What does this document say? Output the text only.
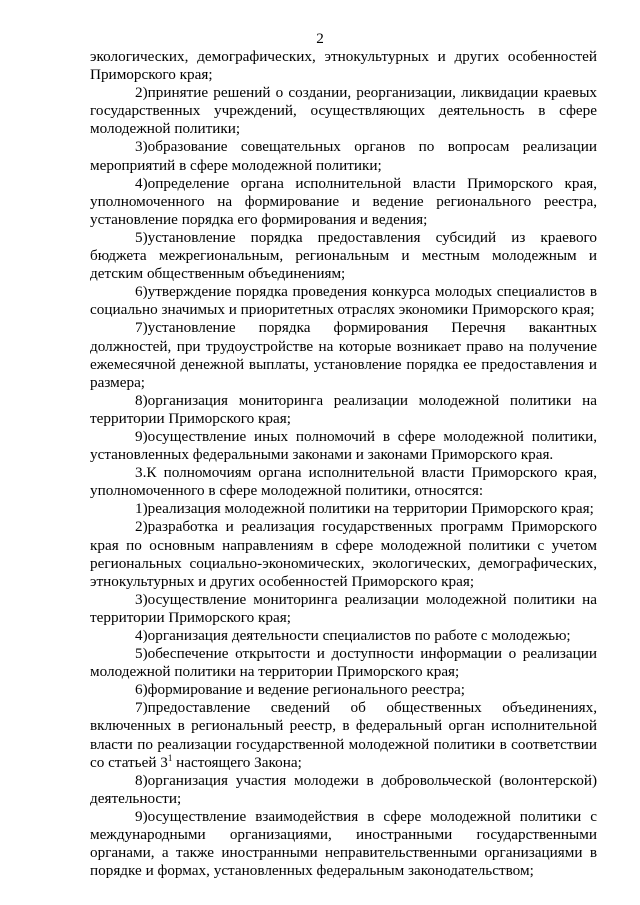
2

экологических, демографических, этнокультурных и других особенностей Приморского края;

2)принятие решений о создании, реорганизации, ликвидации краевых государственных учреждений, осуществляющих деятельность в сфере молодежной политики;

3)образование совещательных органов по вопросам реализации мероприятий в сфере молодежной политики;

4)определение органа исполнительной власти Приморского края, уполномоченного на формирование и ведение регионального реестра, установление порядка его формирования и ведения;

5)установление порядка предоставления субсидий из краевого бюджета межрегиональным, региональным и местным молодежным и детским общественным объединениям;

6)утверждение порядка проведения конкурса молодых специалистов в социально значимых и приоритетных отраслях экономики Приморского края;

7)установление порядка формирования Перечня вакантных должностей, при трудоустройстве на которые возникает право на получение ежемесячной денежной выплаты, установление порядка ее предоставления и размера;

8)организация мониторинга реализации молодежной политики на территории Приморского края;

9)осуществление иных полномочий в сфере молодежной политики, установленных федеральными законами и законами Приморского края.

3.К полномочиям органа исполнительной власти Приморского края, уполномоченного в сфере молодежной политики, относятся:

1)реализация молодежной политики на территории Приморского края;

2)разработка и реализация государственных программ Приморского края по основным направлениям в сфере молодежной политики с учетом региональных социально-экономических, экологических, демографических, этнокультурных и других особенностей Приморского края;

3)осуществление мониторинга реализации молодежной политики на территории Приморского края;

4)организация деятельности специалистов по работе с молодежью;

5)обеспечение открытости и доступности информации о реализации молодежной политики на территории Приморского края;

6)формирование и ведение регионального реестра;

7)предоставление сведений об общественных объединениях, включенных в региональный реестр, в федеральный орган исполнительной власти по реализации государственной молодежной политики в соответствии со статьей $3^1$ настоящего Закона;

8)организация участия молодежи в добровольческой (волонтерской) деятельности;

9)осуществление взаимодействия в сфере молодежной политики с международными организациями, иностранными государственными органами, а также иностранными неправительственными организациями в порядке и формах, установленных федеральным законодательством;
